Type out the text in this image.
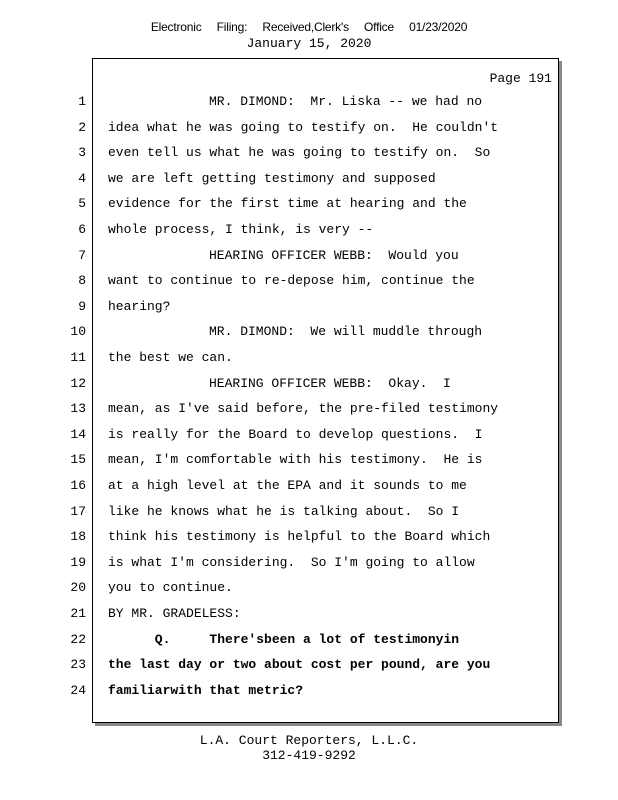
Electronic Filing: Received,Clerk's Office 01/23/2020
January 15, 2020
Page 191
1	MR. DIMOND:  Mr. Liska -- we had no
2 idea what he was going to testify on.  He couldn't
3 even tell us what he was going to testify on.  So
4 we are left getting testimony and supposed
5 evidence for the first time at hearing and the
6 whole process, I think, is very --
7	HEARING OFFICER WEBB:  Would you
8 want to continue to re-depose him, continue the
9 hearing?
10	MR. DIMOND:  We will muddle through
11 the best we can.
12	HEARING OFFICER WEBB:  Okay.  I
13 mean, as I've said before, the pre-filed testimony
14 is really for the Board to develop questions.  I
15 mean, I'm comfortable with his testimony.  He is
16 at a high level at the EPA and it sounds to me
17 like he knows what he is talking about.  So I
18 think his testimony is helpful to the Board which
19 is what I'm considering.  So I'm going to allow
20 you to continue.
21 BY MR. GRADELESS:
22 Q.     There'sbeen a lot of testimonyin
23 the last day or two about cost per pound, are you
24 familiarwith that metric?
L.A. Court Reporters, L.L.C.
312-419-9292
